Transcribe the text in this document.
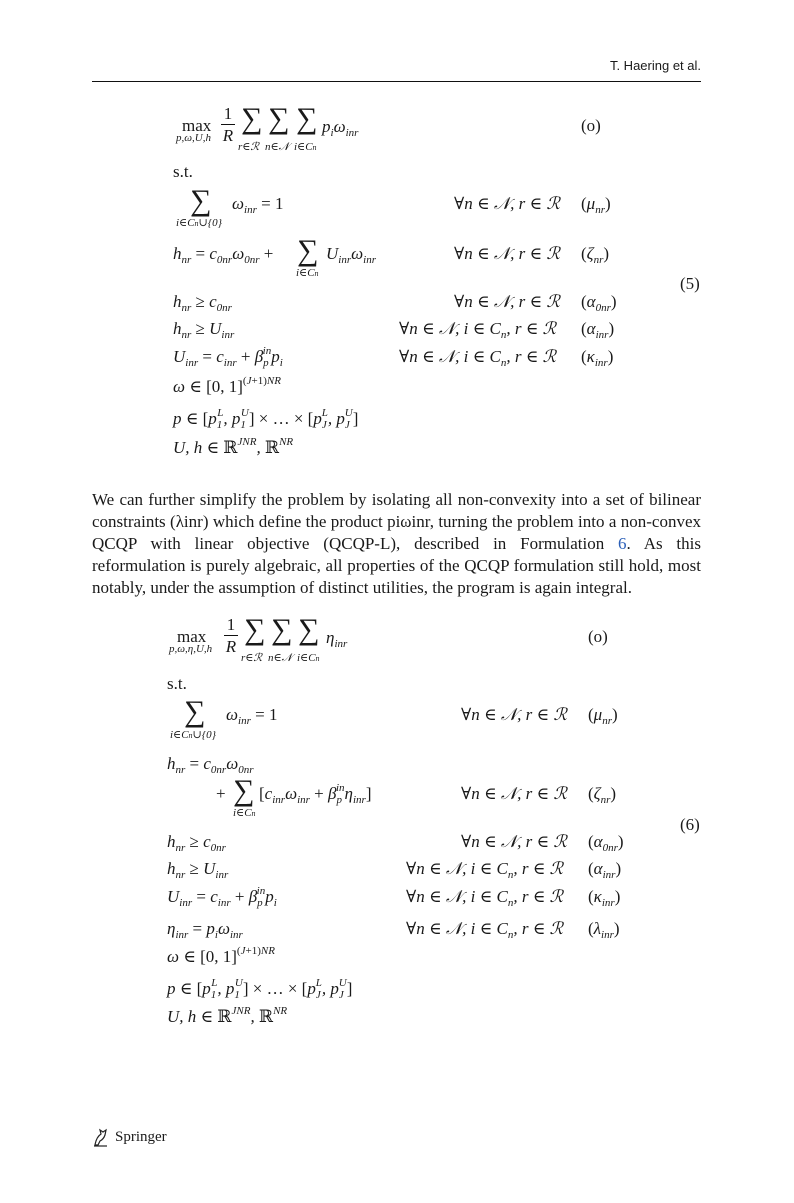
T. Haering et al.
max
p,ω,U,h
1
R
∑
r∈ℛ
∑
n∈𝒩
∑
i∈Cn
$p_i\omega_{inr}$	(o)
s.t.
∑
i∈Cn∪{0}
$\omega_{inr} = 1$	∀n ∈ 𝒩, r ∈ ℛ $(\mu_{nr})$
$h_{nr} = c_{0nr}\omega_{0nr}$ + ∑
i∈Cn
$U_{inr}\omega_{inr}$	∀n ∈ 𝒩, r ∈ ℛ $(\zeta_{nr})$
(5)
$h_{nr} \ge c_{0nr}$	∀n ∈ 𝒩, r ∈ ℛ $(\alpha_{0nr})$
$h_{nr} \ge U_{inr}$	∀n ∈ 𝒩, i ∈ $C_n$, r ∈ ℛ $(\alpha_{inr})$
$U_{inr} = c_{inr} + \beta_p^{in}p_i$	∀n ∈ 𝒩, i ∈ $C_n$, r ∈ ℛ $(\kappa_{inr})$
ω ∈ [0, 1]$^{(J+1)NR}$
p ∈ [$p_1^L$, $p_1^U$] × … × [$p_J^L$, $p_J^U$]
U, h ∈ ℝ$^{JNR}$, ℝ$^{NR}$

We can further simplify the problem by isolating all non-convexity into a set of bilinear constraints (λinr) which define the product piωinr, turning the problem into a non-convex QCQP with linear objective (QCQP-L), described in Formulation 6. As this reformulation is purely algebraic, all properties of the QCQP formulation still hold, most notably, under the assumption of distinct utilities, the program is again integral.

max
p,ω,η,U,h
1
R
∑
r∈ℛ
∑
n∈𝒩
∑
i∈Cn
$\eta_{inr}$	(o)
s.t.
∑
i∈Cn∪{0}
$\omega_{inr} = 1$	∀n ∈ 𝒩, r ∈ ℛ $(\mu_{nr})$
$h_{nr} = c_{0nr}\omega_{0nr}$
+ ∑
i∈Cn
$[c_{inr}\omega_{inr} + \beta_p^{in}\eta_{inr}]$	∀n ∈ 𝒩, r ∈ ℛ $(\zeta_{nr})$
(6)
$h_{nr} \ge c_{0nr}$	∀n ∈ 𝒩, r ∈ ℛ $(\alpha_{0nr})$
$h_{nr} \ge U_{inr}$	∀n ∈ 𝒩, i ∈ $C_n$, r ∈ ℛ $(\alpha_{inr})$
$U_{inr} = c_{inr} + \beta_p^{in}p_i$	∀n ∈ 𝒩, i ∈ $C_n$, r ∈ ℛ $(\kappa_{inr})$
$\eta_{inr} = p_i\omega_{inr}$	∀n ∈ 𝒩, i ∈ $C_n$, r ∈ ℛ $(\lambda_{inr})$
ω ∈ [0, 1]$^{(J+1)NR}$
p ∈ [$p_1^L$, $p_1^U$] × … × [$p_J^L$, $p_J^U$]
U, h ∈ ℝ$^{JNR}$, ℝ$^{NR}$
Springer
